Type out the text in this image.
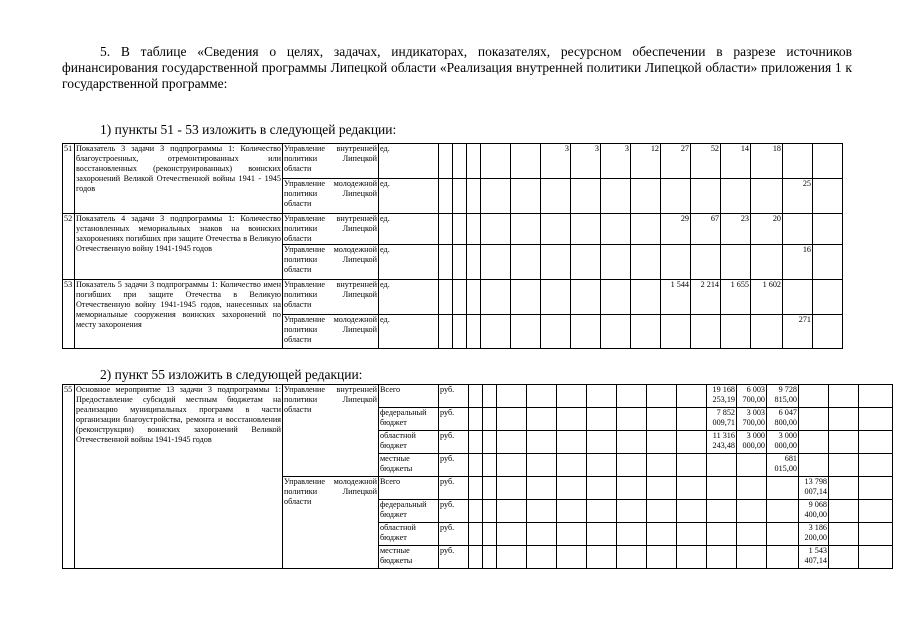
5. В таблице «Сведения о целях, задачах, индикаторах, показателях, ресурсном обеспечении в разрезе источников финансирования государственной программы Липецкой области «Реализация внутренней политики Липецкой области» приложения 1 к государственной программе:
1) пункты 51 - 53 изложить в следующей редакции:
51	Показатель 3 задачи 3 подпрограммы 1: Количество благоустроенных, отремонтированных или восстановленных (реконструированных) воинских захоронений Великой Отечественной войны 1941 - 1945 годов	Управление внутренней политики Липецкой области	ед.						3	3	3	12	27	52	14	18		
		Управление молодежной политики Липецкой области	ед.														25	
52	Показатель 4 задачи 3 подпрограммы 1: Количество установленных мемориальных знаков на воинских захоронениях погибших при защите Отечества в Великую Отечественную войну 1941-1945 годов	Управление внутренней политики Липецкой области	ед.										29	67	23	20		
		Управление молодежной политики Липецкой области	ед.														16	
53	Показатель 5 задачи 3 подпрограммы 1: Количество имен погибших при защите Отечества в Великую Отечественную войну 1941-1945 годов, нанесенных на мемориальные сооружения воинских захоронений по месту захоронения	Управление внутренней политики Липецкой области	ед.										1 544	2 214	1 655	1 602		
		Управление молодежной политики Липецкой области	ед.														271	
2) пункт 55 изложить в следующей редакции:
55	Основное мероприятие 13 задачи 3 подпрограммы 1: Предоставление субсидий местным бюджетам на реализацию муниципальных программ в части организации благоустройства, ремонта и восстановления (реконструкции) воинских захоронений Великой Отечественной войны 1941-1945 годов	Управление внутренней политики Липецкой области	Всего	руб.										19 168 253,19	6 003 700,00	9 728 815,00			
			федеральный бюджет	руб.										7 852 009,71	3 003 700,00	6 047 800,00			
			областной бюджет	руб.										11 316 243,48	3 000 000,00	3 000 000,00			
			местные бюджеты	руб.												681 015,00			
		Управление молодежной политики Липецкой области	Всего	руб.													13 798 007,14		
			федеральный бюджет	руб.													9 068 400,00		
			областной бюджет	руб.													3 186 200,00		
			местные бюджеты	руб.													1 543 407,14		
